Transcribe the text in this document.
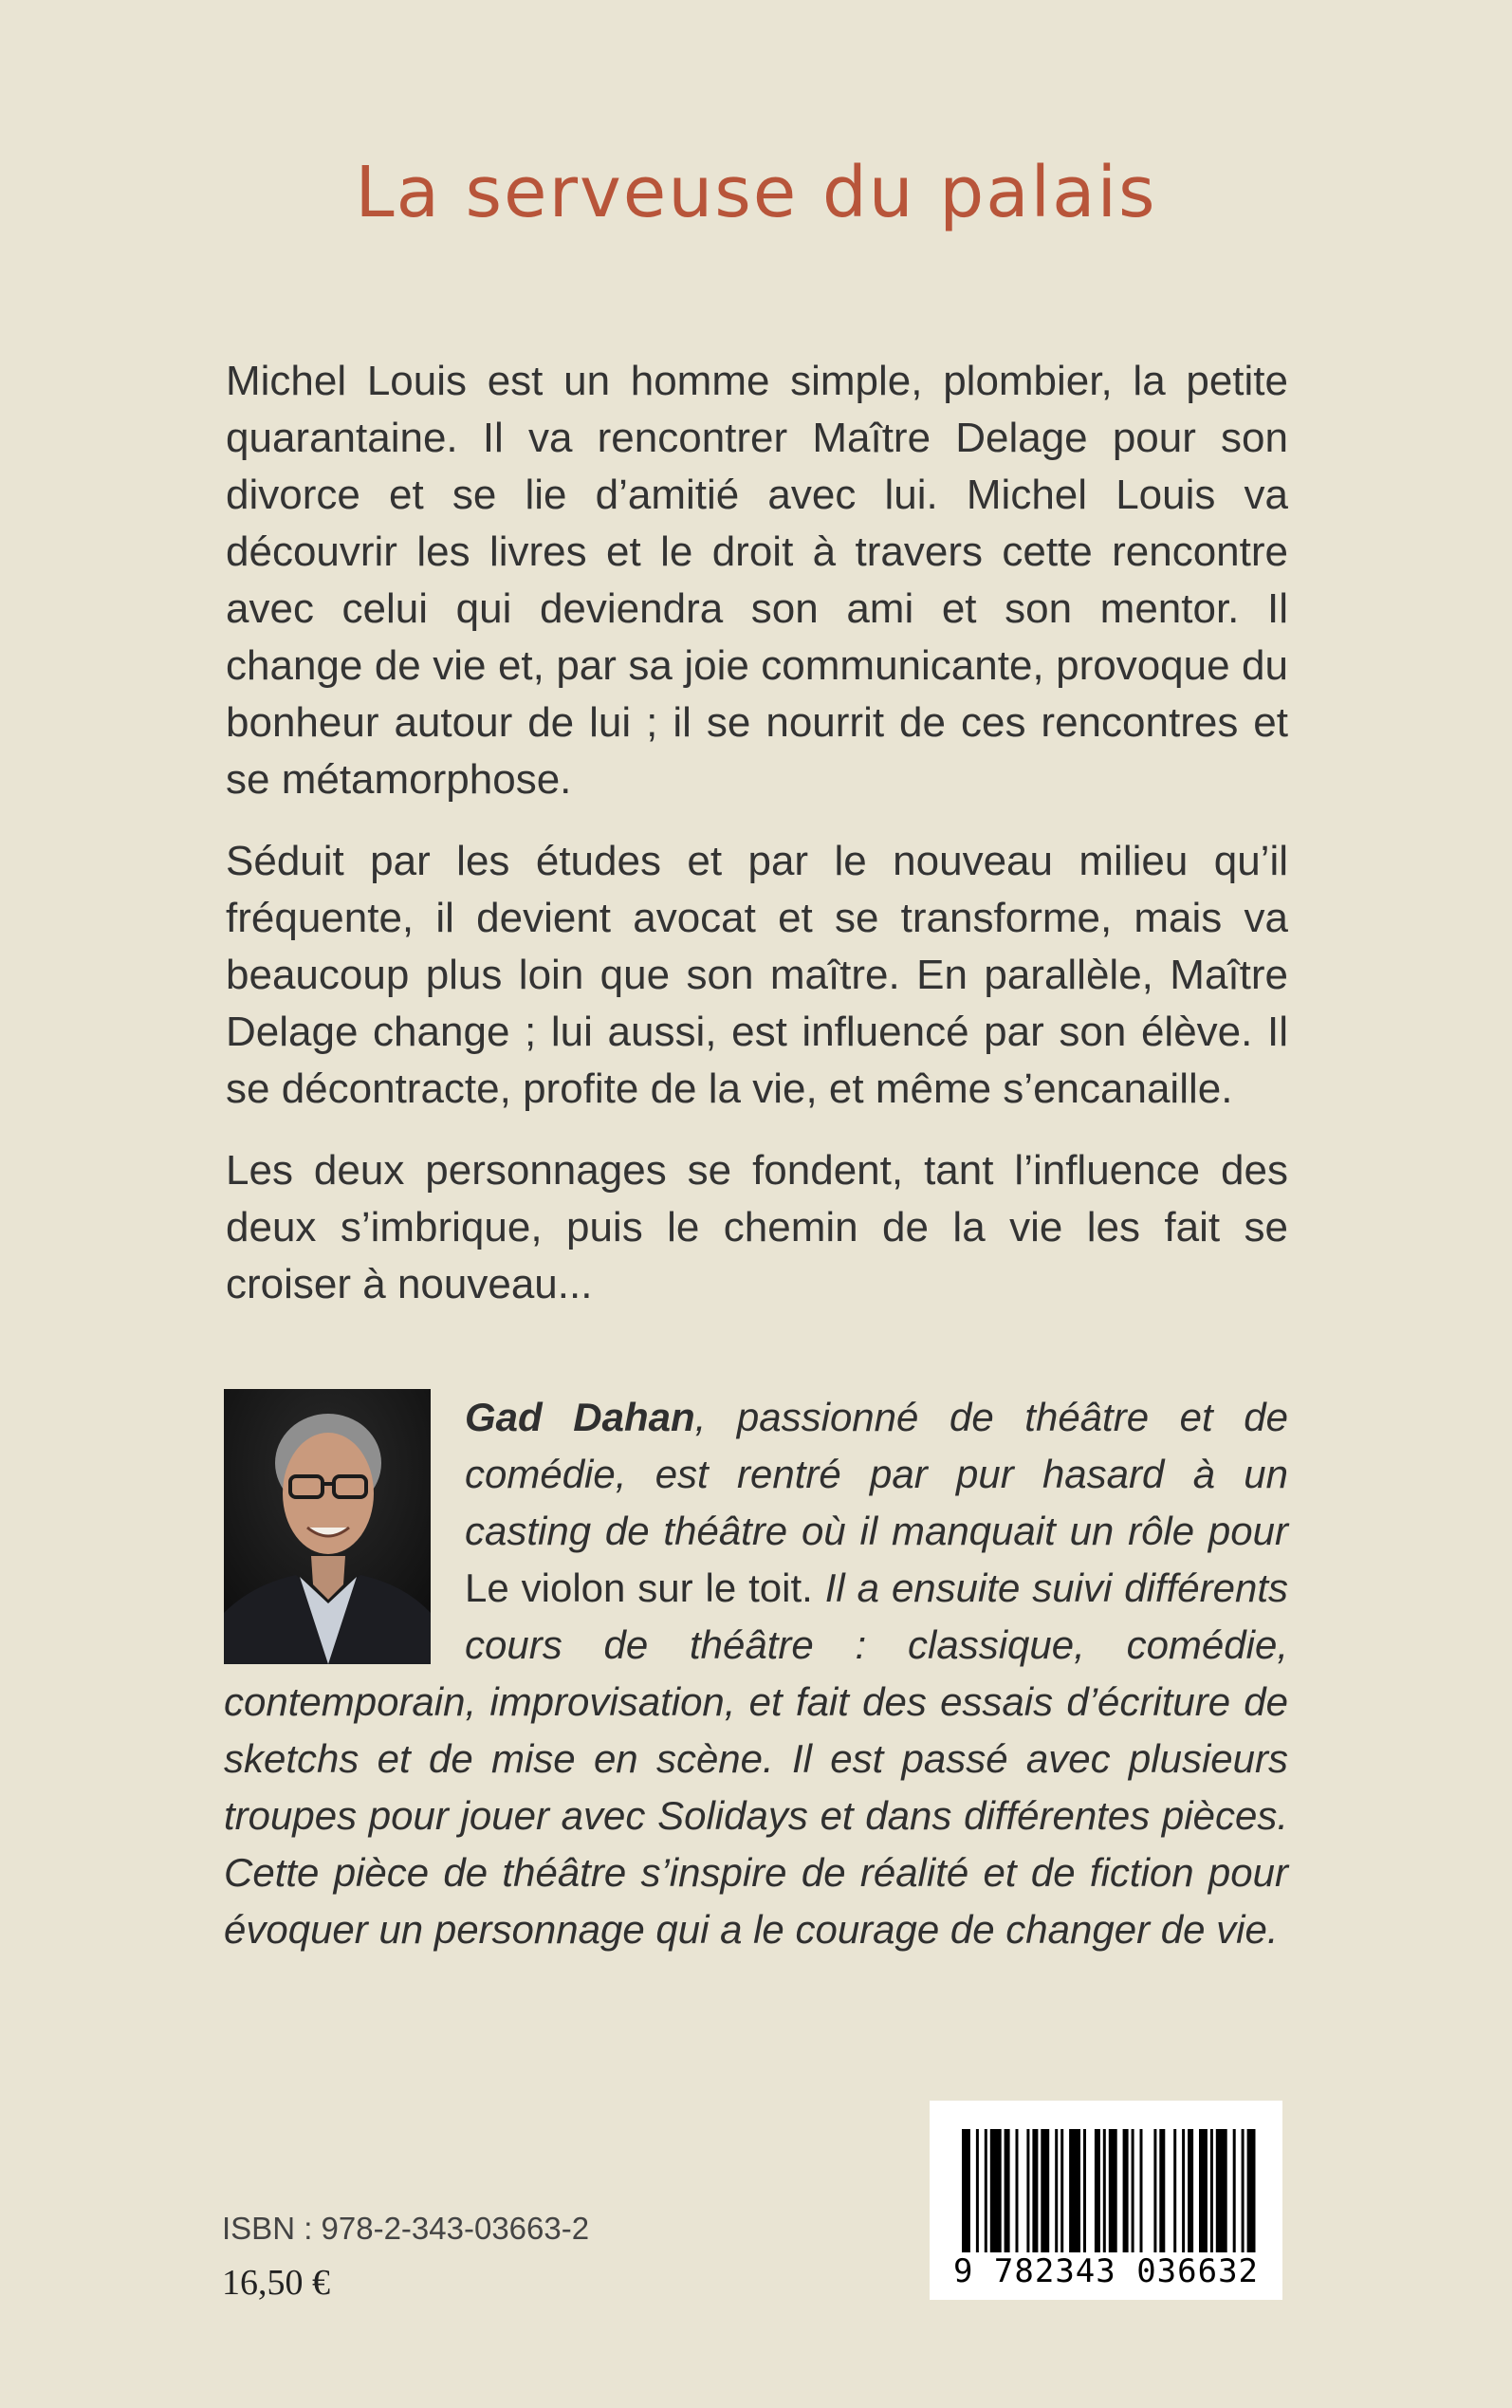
La serveuse du palais

Michel Louis est un homme simple, plombier, la petite quarantaine. Il va rencontrer Maître Delage pour son divorce et se lie d’amitié avec lui. Michel Louis va découvrir les livres et le droit à travers cette rencontre avec celui qui deviendra son ami et son mentor. Il change de vie et, par sa joie communicante, provoque du bonheur autour de lui ; il se nourrit de ces rencontres et se métamorphose.

Séduit par les études et par le nouveau milieu qu’il fréquente, il devient avocat et se transforme, mais va beaucoup plus loin que son maître. En parallèle, Maître Delage change ; lui aussi, est influencé par son élève. Il se décontracte, profite de la vie, et même s’encanaille.

Les deux personnages se fondent, tant l’influence des deux s’imbrique, puis le chemin de la vie les fait se croiser à nouveau...

Gad Dahan, passionné de théâtre et de comédie, est rentré par pur hasard à un casting de théâtre où il manquait un rôle pour Le violon sur le toit. Il a ensuite suivi différents cours de théâtre : classique, comédie, contemporain, improvisation, et fait des essais d’écriture de sketchs et de mise en scène. Il est passé avec plusieurs troupes pour jouer avec Solidays et dans différentes pièces. Cette pièce de théâtre s’inspire de réalité et de fiction pour évoquer un personnage qui a le courage de changer de vie.

ISBN : 978-2-343-03663-2

16,50 €	9 782343 036632
